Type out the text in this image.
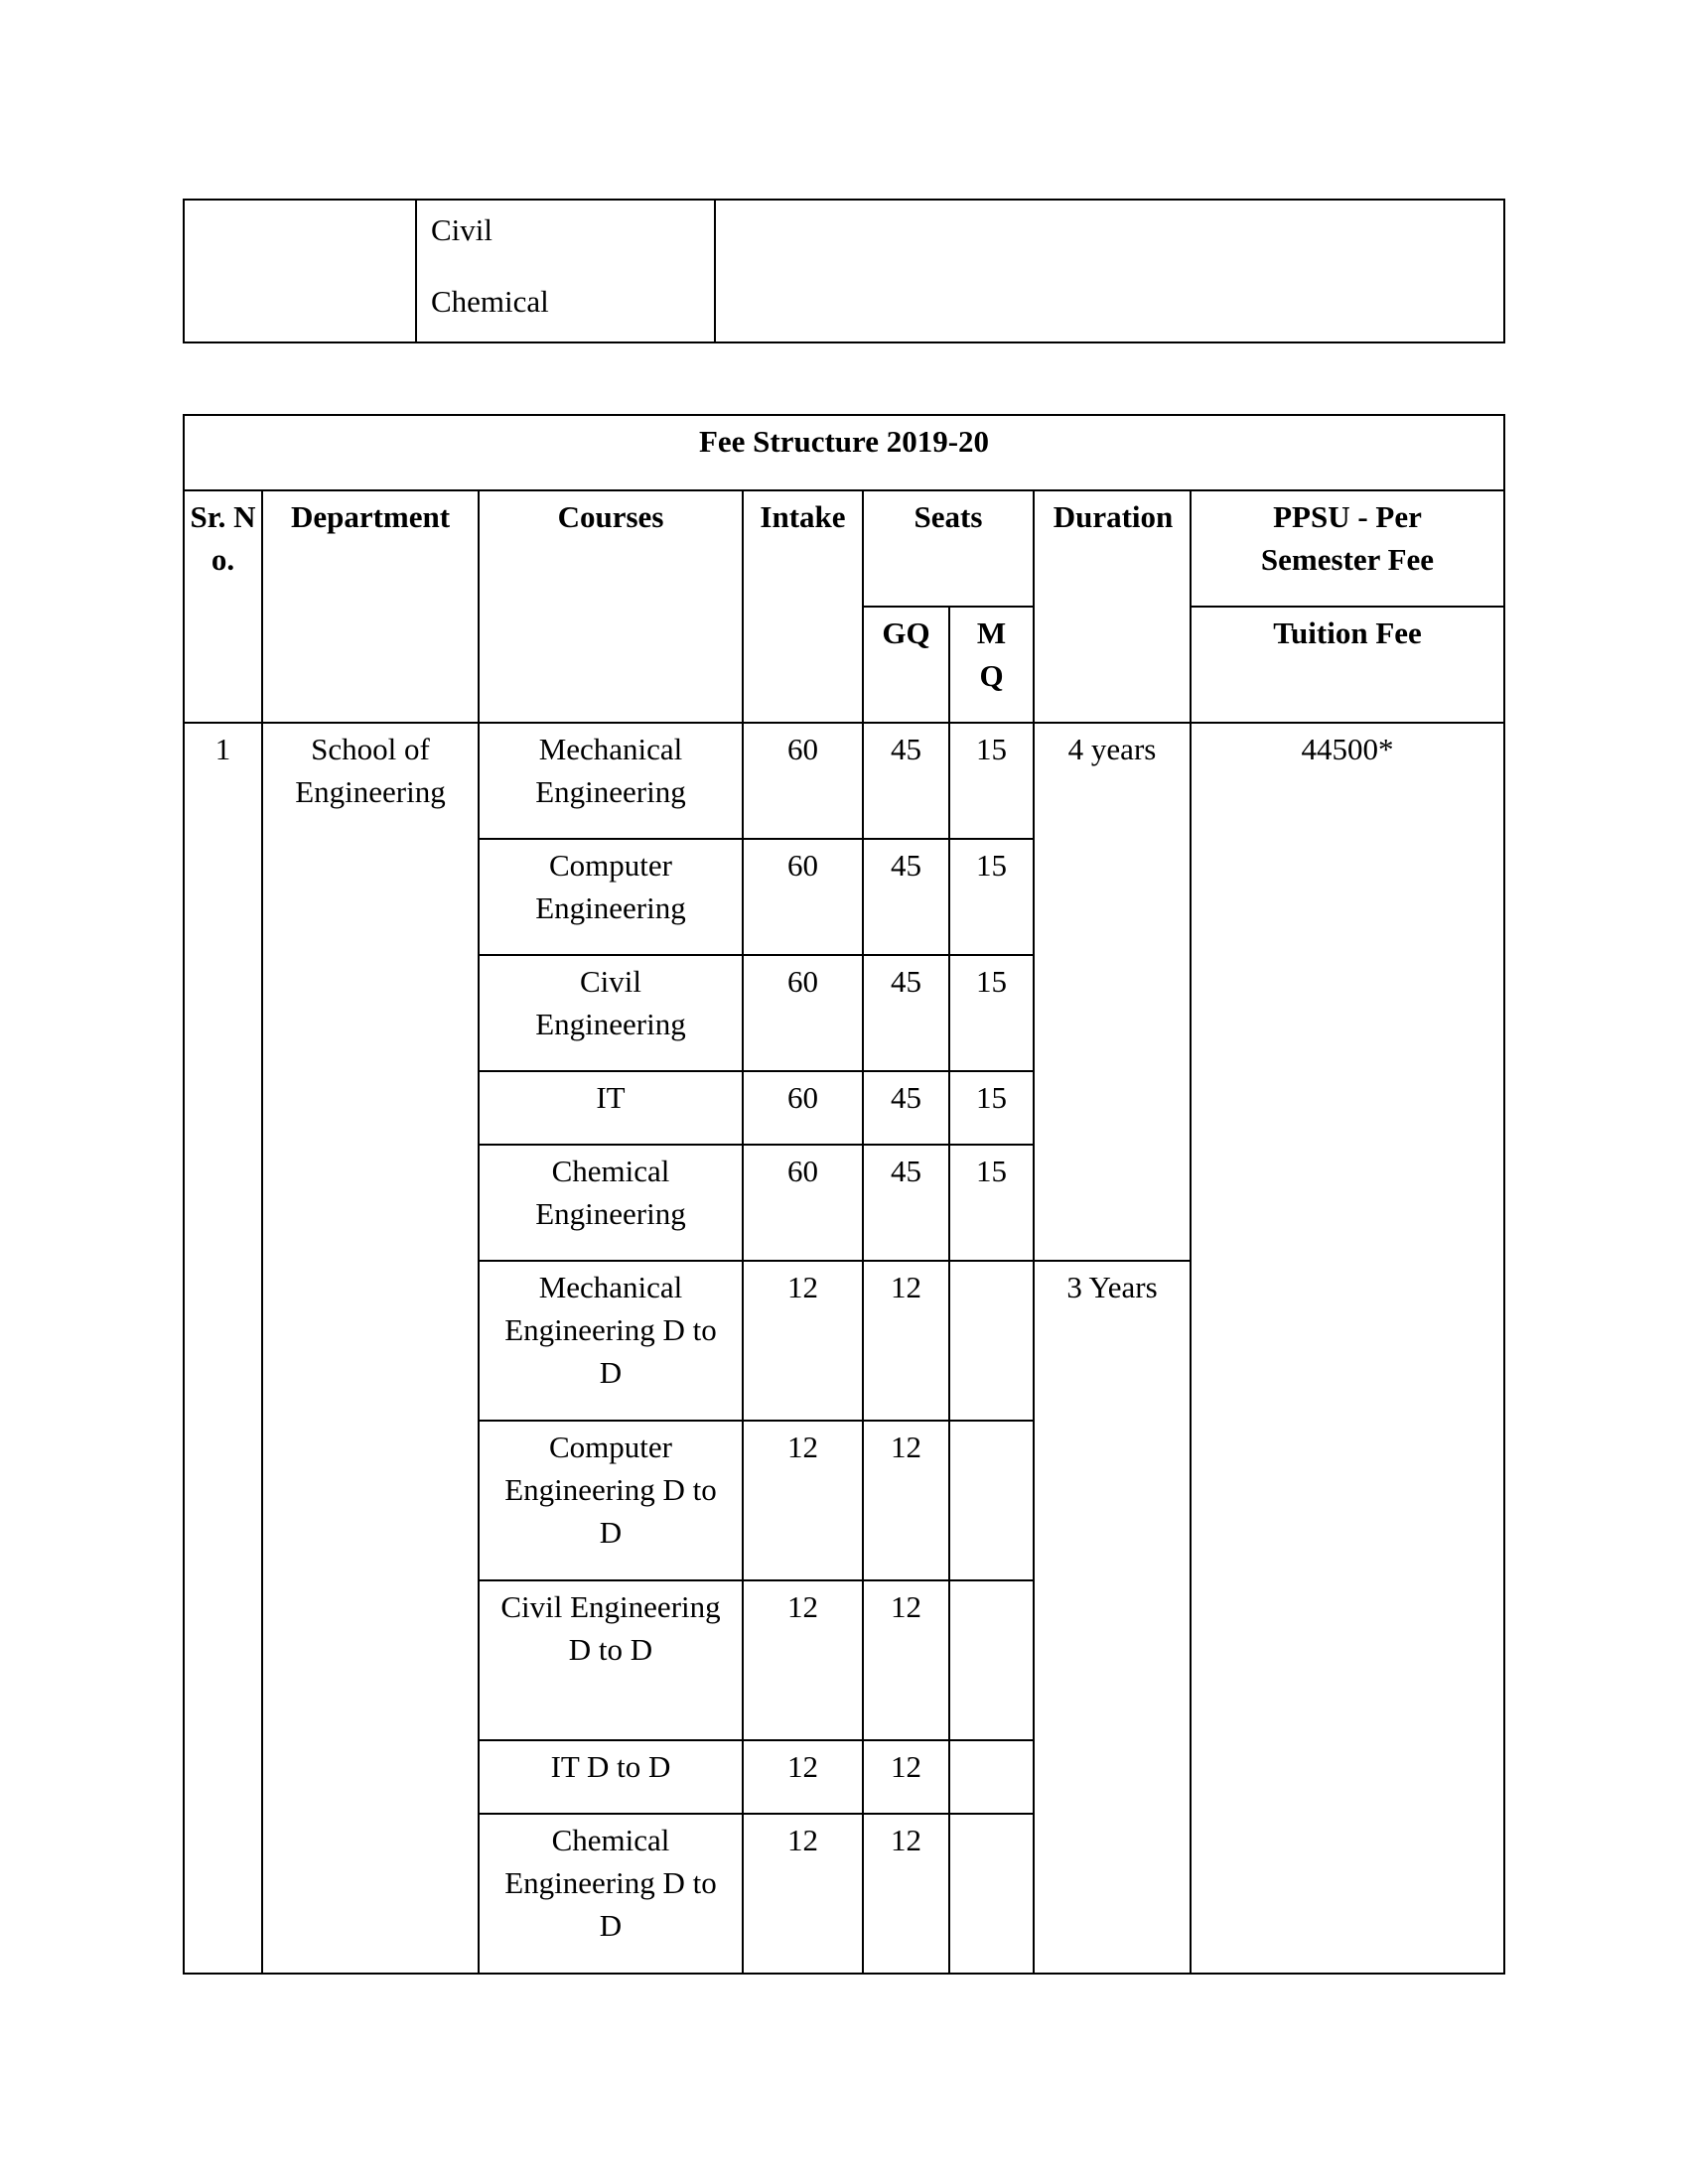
Civil
Chemical

Fee Structure 2019-20							
Sr. No.	Department	Courses	Intake	Seats		Duration	PPSU - Per Semester Fee
				GQ	MQ		Tuition Fee
1	School of Engineering	Mechanical Engineering	60	45	15	4 years	44500*
		Computer Engineering	60	45	15		
		Civil Engineering	60	45	15		
		IT	60	45	15		
		Chemical Engineering	60	45	15		
		Mechanical Engineering D to D	12	12		3 Years	
		Computer Engineering D to D	12	12			
		Civil Engineering D to D	12	12			
		IT D to D	12	12			
		Chemical Engineering D to D	12	12			
